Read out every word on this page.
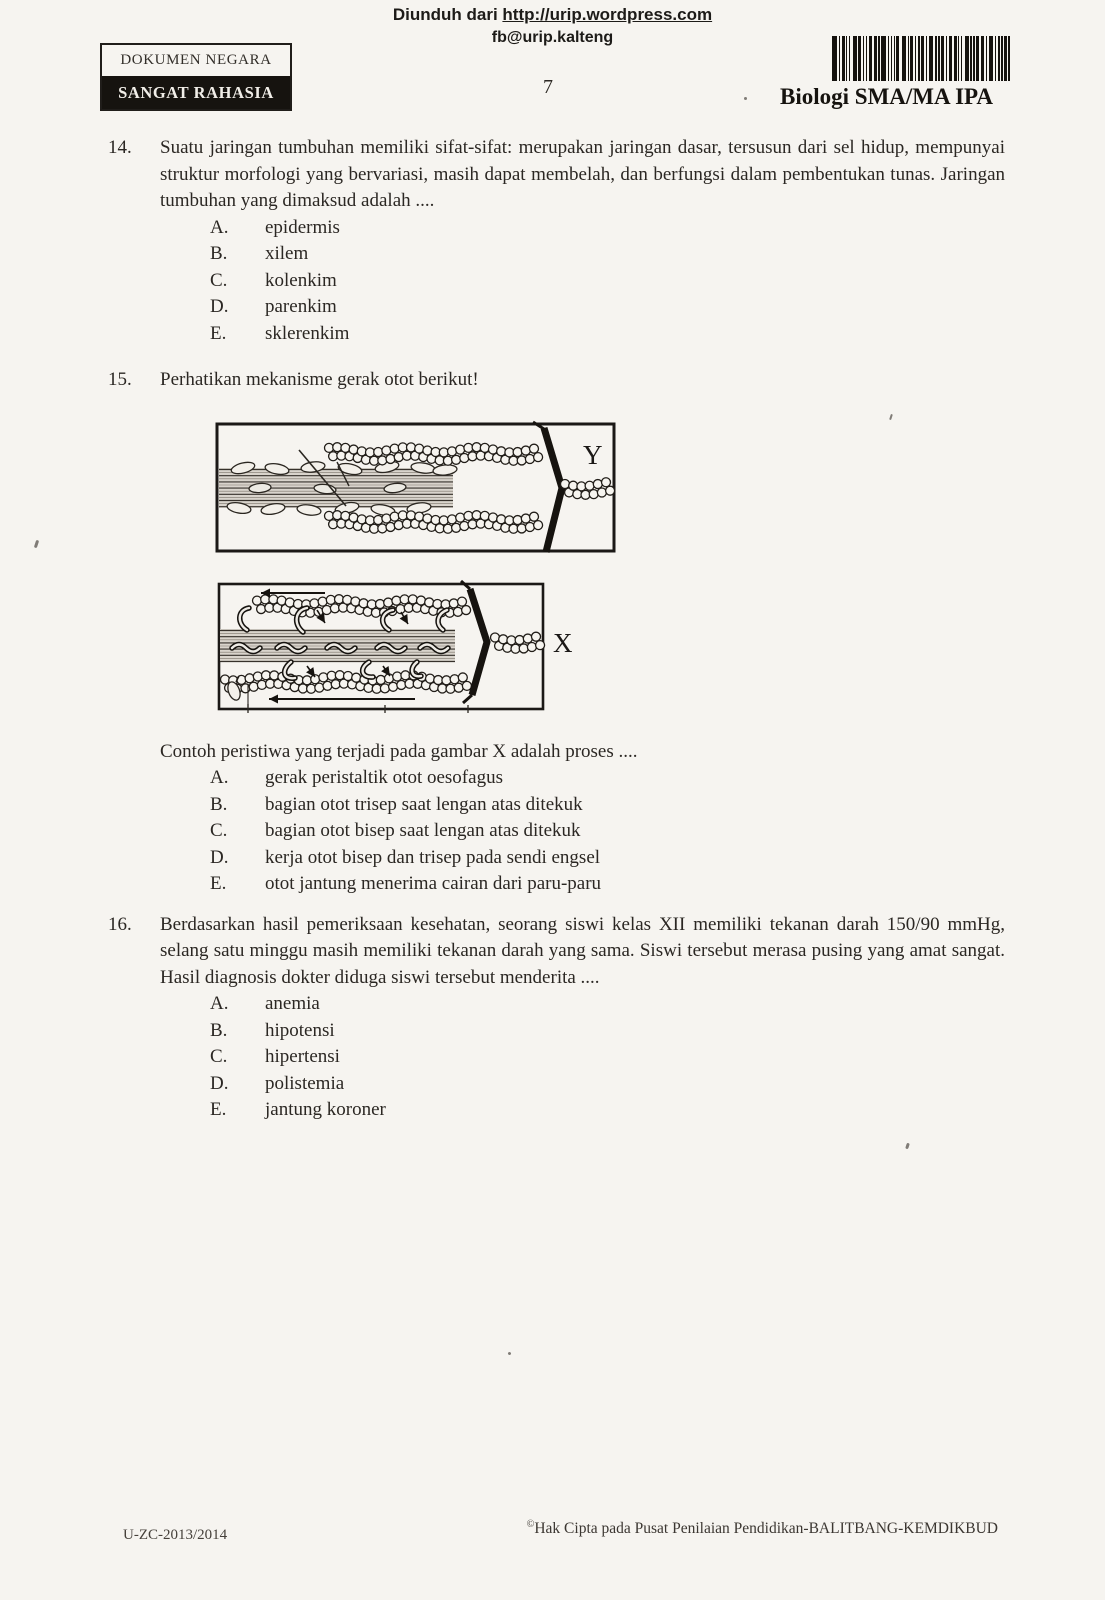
Diunduh dari http://urip.wordpress.com
fb@urip.kalteng
DOKUMEN NEGARA
SANGAT RAHASIA	7	Biologi SMA/MA IPA
14.	Suatu jaringan tumbuhan memiliki sifat-sifat: merupakan jaringan dasar, tersusun dari sel hidup, mempunyai struktur morfologi yang bervariasi, masih dapat membelah, dan berfungsi dalam pembentukan tunas. Jaringan tumbuhan yang dimaksud adalah ....

A.	epidermis
B.	xilem
C.	kolenkim
D.	parenkim
E.	sklerenkim
15.	Perhatikan mekanisme gerak otot berikut!

Y
X

Contoh peristiwa yang terjadi pada gambar X adalah proses ....

A.	gerak peristaltik otot oesofagus
B.	bagian otot trisep saat lengan atas ditekuk
C.	bagian otot bisep saat lengan atas ditekuk
D.	kerja otot bisep dan trisep pada sendi engsel
E.	otot jantung menerima cairan dari paru-paru
16.	Berdasarkan hasil pemeriksaan kesehatan, seorang siswi kelas XII memiliki tekanan darah 150/90 mmHg, selang satu minggu masih memiliki tekanan darah yang sama. Siswi tersebut merasa pusing yang amat sangat. Hasil diagnosis dokter diduga siswi tersebut menderita ....

A.	anemia
B.	hipotensi
C.	hipertensi
D.	polistemia
E.	jantung koroner
U-ZC-2013/2014
©Hak Cipta pada Pusat Penilaian Pendidikan-BALITBANG-KEMDIKBUD
